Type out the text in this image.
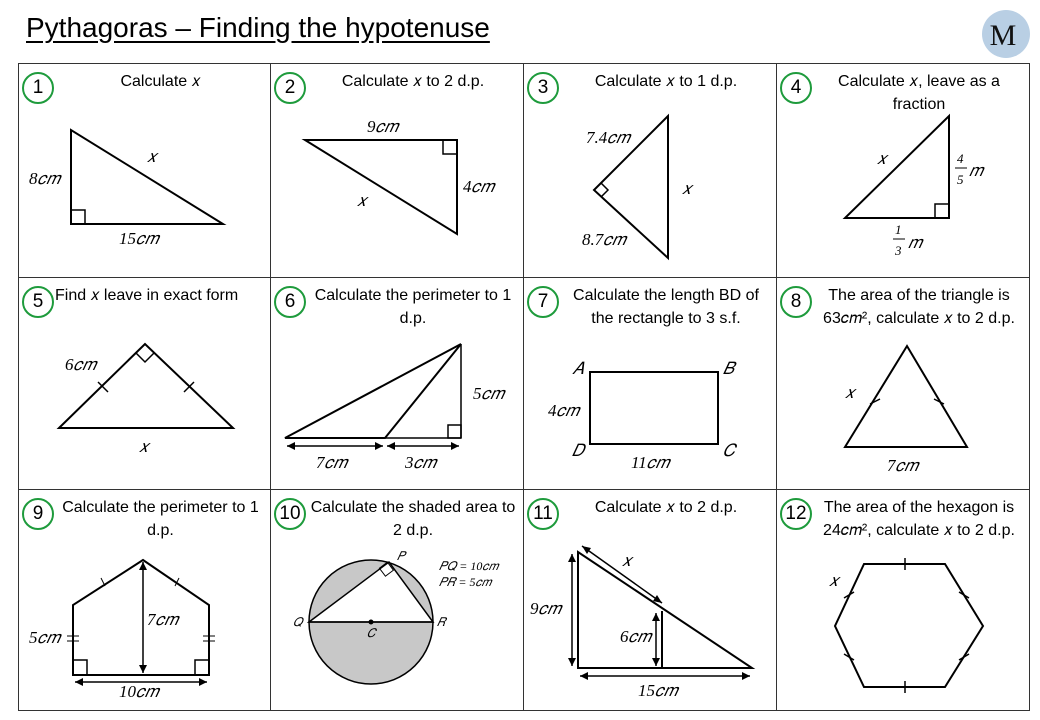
Pythagoras – Finding the hypotenuse	M
1	Calculate 𝑥
8𝑐𝑚
15𝑐𝑚
𝑥
2	Calculate 𝑥 to 2 d.p.
9𝑐𝑚
4𝑐𝑚
𝑥
3	Calculate 𝑥 to 1 d.p.
7.4𝑐𝑚
8.7𝑐𝑚
𝑥
4	Calculate 𝑥, leave as a fraction
𝑥	4
5 𝑚
1
3 𝑚
5 Find 𝑥 leave in exact form
6𝑐𝑚
𝑥
6	Calculate the perimeter to 1 d.p.
5𝑐𝑚
7𝑐𝑚	3𝑐𝑚
7	Calculate the length BD of the rectangle to 3 s.f.
𝐴	𝐵
𝐶
𝐷
4𝑐𝑚
11𝑐𝑚
8	The area of the triangle is 63𝑐𝑚², calculate 𝑥 to 2 d.p.
𝑥
7𝑐𝑚
9	Calculate the perimeter to 1 d.p.
5𝑐𝑚
7𝑐𝑚
10𝑐𝑚
10 Calculate the shaded area to 2 d.p.
𝑃
𝑄	𝑅
𝐶
𝑃𝑄 = 10𝑐𝑚
𝑃𝑅 = 5𝑐𝑚
11	Calculate 𝑥 to 2 d.p.
𝑥
9𝑐𝑚
6𝑐𝑚
15𝑐𝑚
12	The area of the hexagon is 24𝑐𝑚², calculate 𝑥 to 2 d.p.
𝑥
